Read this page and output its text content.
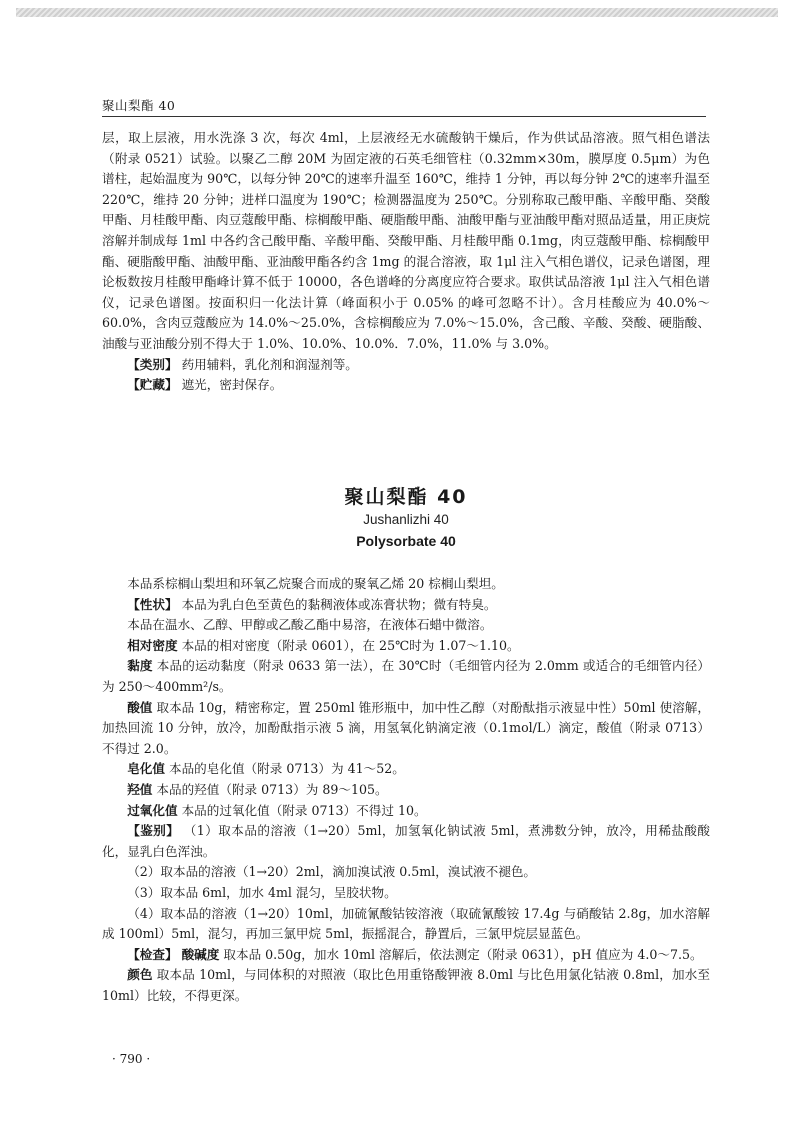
聚山梨酯 40

层，取上层液，用水洗涤 3 次，每次 4ml，上层液经无水硫酸钠干燥后，作为供试品溶液。照气相色谱法（附录 0521）试验。以聚乙二醇 20M 为固定液的石英毛细管柱（0.32mm×30m，膜厚度 0.5μm）为色谱柱，起始温度为 90℃，以每分钟 20℃的速率升温至 160℃，维持 1 分钟，再以每分钟 2℃的速率升温至 220℃，维持 20 分钟；进样口温度为 190℃；检测器温度为 250℃。分别称取己酸甲酯、辛酸甲酯、癸酸甲酯、月桂酸甲酯、肉豆蔻酸甲酯、棕榈酸甲酯、硬脂酸甲酯、油酸甲酯与亚油酸甲酯对照品适量，用正庚烷溶解并制成每 1ml 中各约含己酸甲酯、辛酸甲酯、癸酸甲酯、月桂酸甲酯 0.1mg，肉豆蔻酸甲酯、棕榈酸甲酯、硬脂酸甲酯、油酸甲酯、亚油酸甲酯各约含 1mg 的混合溶液，取 1μl 注入气相色谱仪，记录色谱图，理论板数按月桂酸甲酯峰计算不低于 10000，各色谱峰的分离度应符合要求。取供试品溶液 1μl 注入气相色谱仪，记录色谱图。按面积归一化法计算（峰面积小于 0.05% 的峰可忽略不计）。含月桂酸应为 40.0%～60.0%，含肉豆蔻酸应为 14.0%～25.0%，含棕榈酸应为 7.0%～15.0%，含己酸、辛酸、癸酸、硬脂酸、油酸与亚油酸分别不得大于 1.0%、10.0%、10.0%．7.0%，11.0% 与 3.0%。

【类别】 药用辅料，乳化剂和润湿剂等。

【贮藏】 遮光，密封保存。

聚山梨酯 40
Jushanlizhi 40
Polysorbate 40

本品系棕榈山梨坦和环氧乙烷聚合而成的聚氧乙烯 20 棕榈山梨坦。

【性状】 本品为乳白色至黄色的黏稠液体或冻膏状物；微有特臭。

本品在温水、乙醇、甲醇或乙酸乙酯中易溶，在液体石蜡中微溶。

相对密度 本品的相对密度（附录 0601），在 25℃时为 1.07～1.10。

黏度 本品的运动黏度（附录 0633 第一法），在 30℃时（毛细管内径为 2.0mm 或适合的毛细管内径）为 250～400mm²/s。

酸值 取本品 10g，精密称定，置 250ml 锥形瓶中，加中性乙醇（对酚酞指示液显中性）50ml 使溶解，加热回流 10 分钟，放冷，加酚酞指示液 5 滴，用氢氧化钠滴定液（0.1mol/L）滴定，酸值（附录 0713）不得过 2.0。

皂化值 本品的皂化值（附录 0713）为 41～52。

羟值 本品的羟值（附录 0713）为 89～105。

过氧化值 本品的过氧化值（附录 0713）不得过 10。

【鉴别】 （1）取本品的溶液（1→20）5ml，加氢氧化钠试液 5ml，煮沸数分钟，放冷，用稀盐酸酸化，显乳白色浑浊。

（2）取本品的溶液（1→20）2ml，滴加溴试液 0.5ml，溴试液不褪色。

（3）取本品 6ml，加水 4ml 混匀，呈胶状物。

（4）取本品的溶液（1→20）10ml，加硫氰酸钴铵溶液（取硫氰酸铵 17.4g 与硝酸钴 2.8g，加水溶解成 100ml）5ml，混匀，再加三氯甲烷 5ml，振摇混合，静置后，三氯甲烷层显蓝色。

【检查】 酸碱度 取本品 0.50g，加水 10ml 溶解后，依法测定（附录 0631），pH 值应为 4.0～7.5。

颜色 取本品 10ml，与同体积的对照液（取比色用重铬酸钾液 8.0ml 与比色用氯化钴液 0.8ml，加水至 10ml）比较，不得更深。

· 790 ·
